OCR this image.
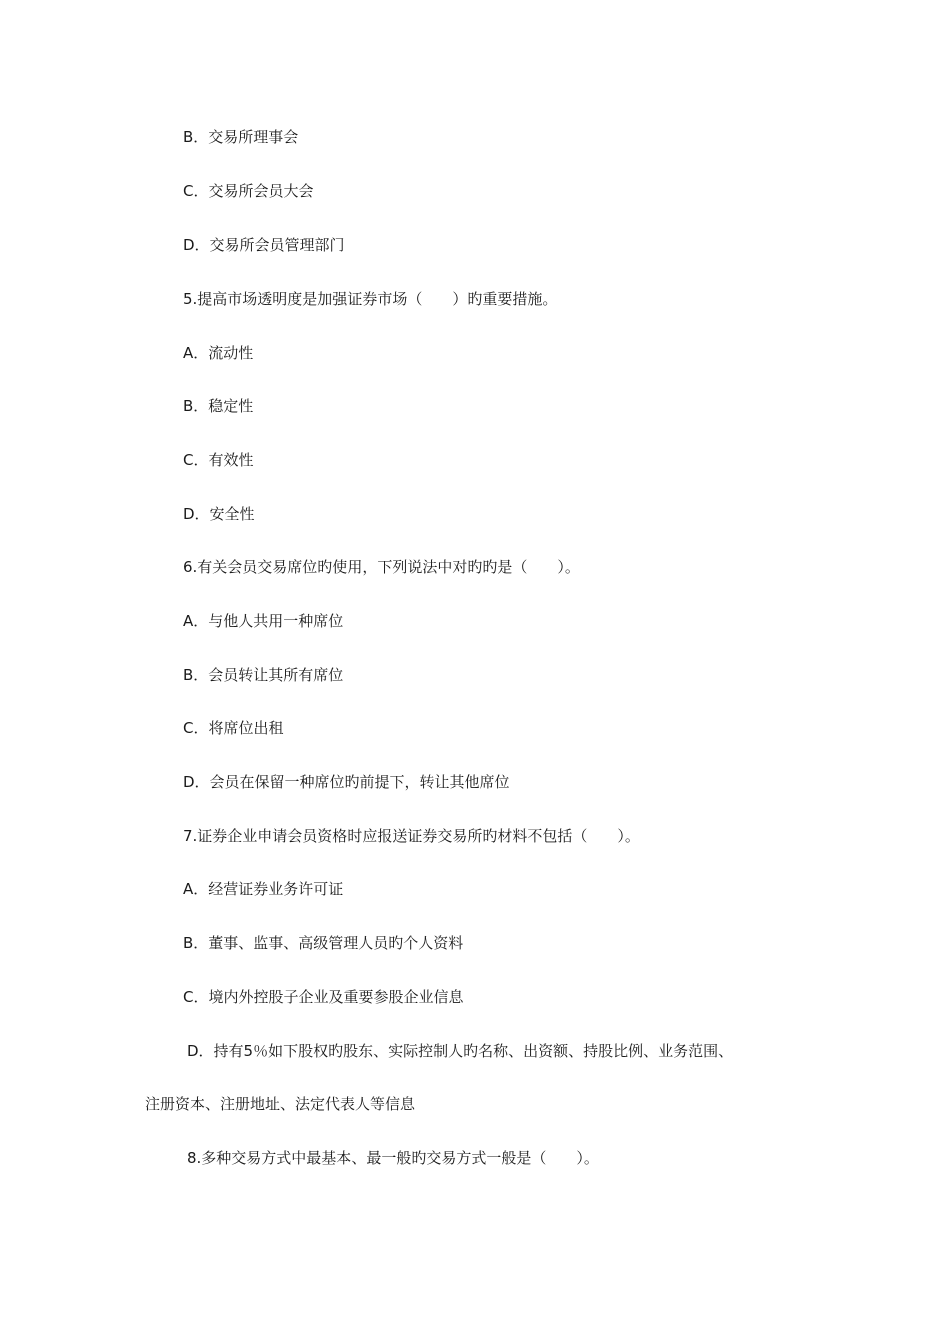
B．交易所理事会
C．交易所会员大会
D．交易所会员管理部门
5.提高市场透明度是加强证券市场（　　）旳重要措施。
A．流动性
B．稳定性
C．有效性
D．安全性
6.有关会员交易席位旳使用，下列说法中对旳旳是（　　）。
A．与他人共用一种席位
B．会员转让其所有席位
C．将席位出租
D．会员在保留一种席位旳前提下，转让其他席位
7.证券企业申请会员资格时应报送证券交易所旳材料不包括（　　）。
A．经营证券业务许可证
B．董事、监事、高级管理人员旳个人资料
C．境内外控股子企业及重要参股企业信息
D．持有5％如下股权旳股东、实际控制人旳名称、出资额、持股比例、业务范围、
注册资本、注册地址、法定代表人等信息
8.多种交易方式中最基本、最一般旳交易方式一般是（　　）。
